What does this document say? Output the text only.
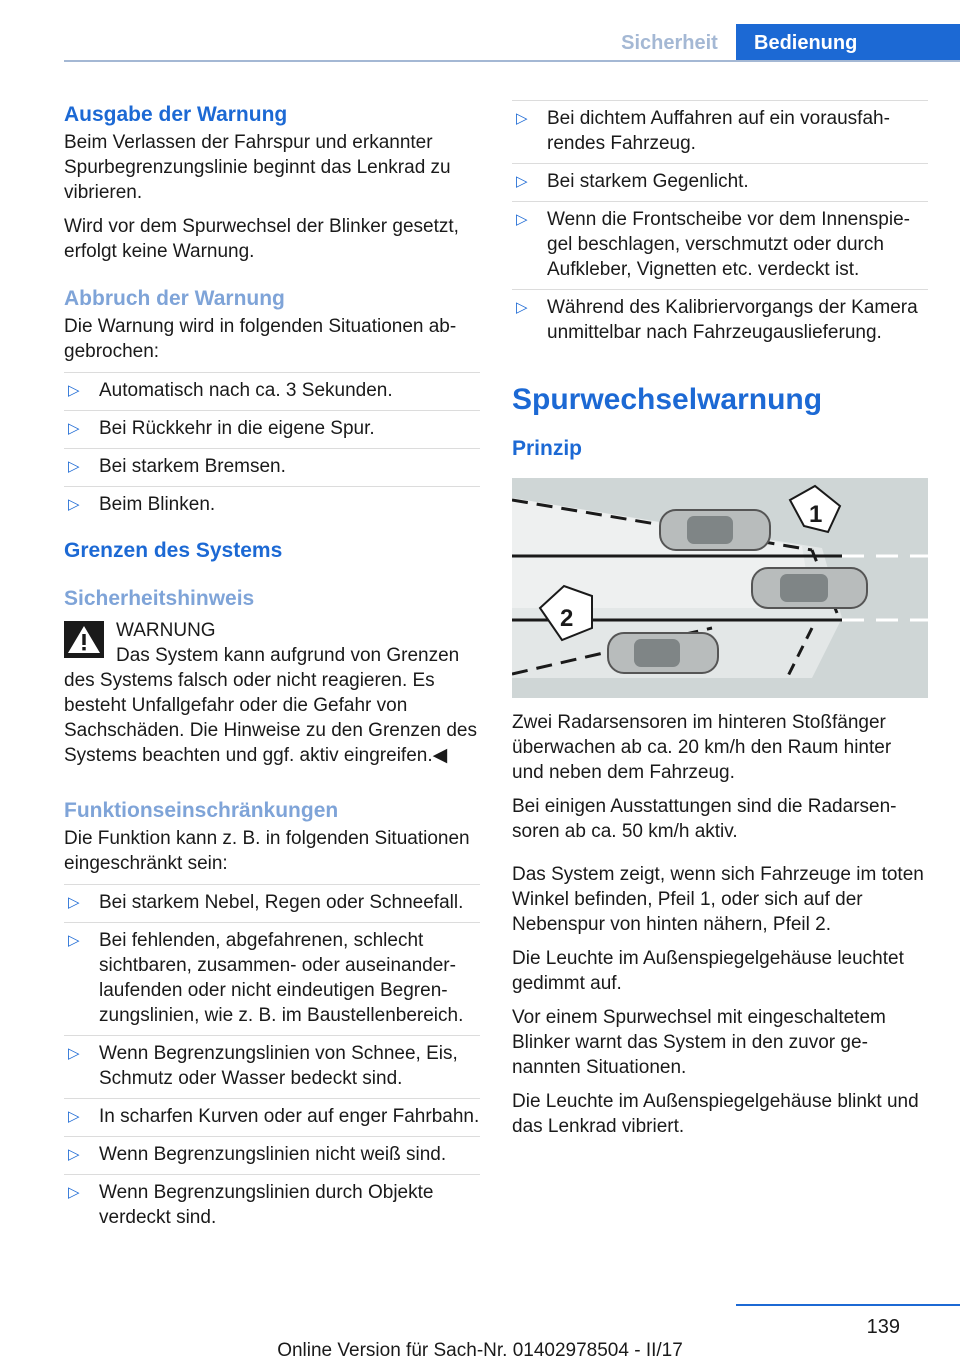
Sicherheit	Bedienung
Ausgabe der Warnung

Beim Verlassen der Fahrspur und erkannter Spurbegrenzungslinie beginnt das Lenkrad zu vibrieren.

Wird vor dem Spurwechsel der Blinker gesetzt, erfolgt keine Warnung.

Abbruch der Warnung

Die Warnung wird in folgenden Situationen abgebrochen:

▷ Automatisch nach ca. 3 Sekunden.
▷ Bei Rückkehr in die eigene Spur.
▷ Bei starkem Bremsen.
▷ Beim Blinken.
Grenzen des Systems
Sicherheitshinweis
WARNUNG
Das System kann aufgrund von Grenzen
des Systems falsch oder nicht reagieren. Es besteht Unfallgefahr oder die Gefahr von Sachschäden. Die Hinweise zu den Grenzen des Systems beachten und ggf. aktiv eingreifen.◀
Funktionseinschränkungen

Die Funktion kann z. B. in folgenden Situationen eingeschränkt sein:

▷ Bei starkem Nebel, Regen oder Schneefall.
▷ Bei fehlenden, abgefahrenen, schlecht sichtbaren, zusammen- oder auseinanderlaufenden oder nicht eindeutigen Begrenzungslinien, wie z. B. im Baustellenbereich.
▷ Wenn Begrenzungslinien von Schnee, Eis, Schmutz oder Wasser bedeckt sind.
▷ In scharfen Kurven oder auf enger Fahrbahn.
▷ Wenn Begrenzungslinien nicht weiß sind.
▷ Wenn Begrenzungslinien durch Objekte verdeckt sind.
▷ Bei dichtem Auffahren auf ein vorausfahrendes Fahrzeug.
▷ Bei starkem Gegenlicht.
▷ Wenn die Frontscheibe vor dem Innenspiegel beschlagen, verschmutzt oder durch Aufkleber, Vignetten etc. verdeckt ist.
▷ Während des Kalibriervorgangs der Kamera unmittelbar nach Fahrzeugauslieferung.
Spurwechselwarnung
Prinzip
1
2

Zwei Radarsensoren im hinteren Stoßfänger überwachen ab ca. 20 km/h den Raum hinter und neben dem Fahrzeug.

Bei einigen Ausstattungen sind die Radarsensoren ab ca. 50 km/h aktiv.

Das System zeigt, wenn sich Fahrzeuge im toten Winkel befinden, Pfeil 1, oder sich auf der Nebenspur von hinten nähern, Pfeil 2.

Die Leuchte im Außenspiegelgehäuse leuchtet gedimmt auf.

Vor einem Spurwechsel mit eingeschaltetem Blinker warnt das System in den zuvor genannten Situationen.

Die Leuchte im Außenspiegelgehäuse blinkt und das Lenkrad vibriert.

139
Online Version für Sach-Nr. 01402978504 - II/17
